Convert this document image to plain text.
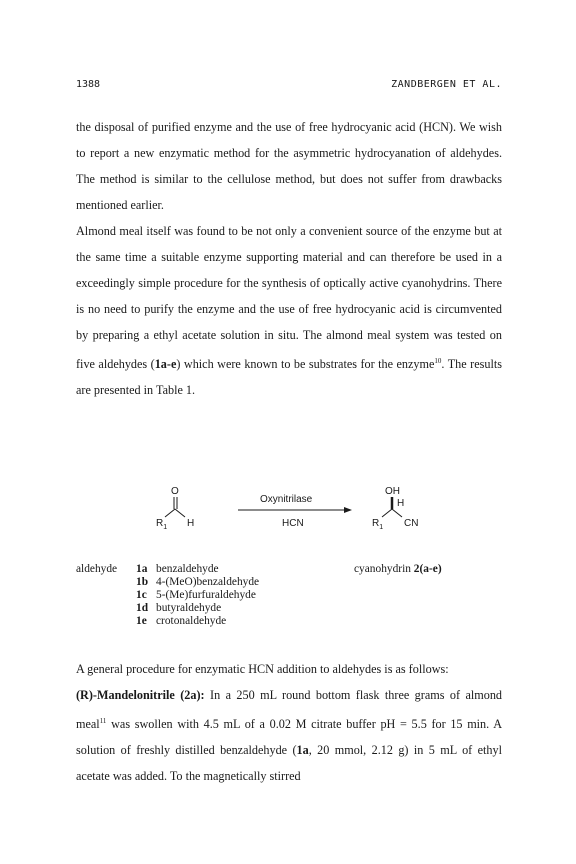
1388	ZANDBERGEN ET AL.

the disposal of purified enzyme and the use of free hydrocyanic acid (HCN). We wish to report a new enzymatic method for the asymmetric hydrocyanation of aldehydes. The method is similar to the cellulose method, but does not suffer from drawbacks mentioned earlier.

Almond meal itself was found to be not only a convenient source of the enzyme but at the same time a suitable enzyme supporting material and can therefore be used in a exceedingly simple procedure for the synthesis of optically active cyanohydrins. There is no need to purify the enzyme and the use of free hydrocyanic acid is circumvented by preparing a ethyl acetate solution in situ. The almond meal system was tested on five aldehydes (1a-e) which were known to be substrates for the enzyme$^{10}$. The results are presented in Table 1.

O
$R_1$ H
Oxynitrilase
HCN
OH
H
$R_1$ CN
aldehyde 1a benzaldehyde
1b 4-(MeO)benzaldehyde
1c 5-(Me)furfuraldehyde
1d butyraldehyde
1e crotonaldehyde
cyanohydrin 2(a-e)

A general procedure for enzymatic HCN addition to aldehydes is as follows:

(R)-Mandelonitrile (2a): In a 250 mL round bottom flask three grams of almond meal$^{11}$ was swollen with 4.5 mL of a 0.02 M citrate buffer pH = 5.5 for 15 min. A solution of freshly distilled benzaldehyde (1a, 20 mmol, 2.12 g) in 5 mL of ethyl acetate was added. To the magnetically stirred
